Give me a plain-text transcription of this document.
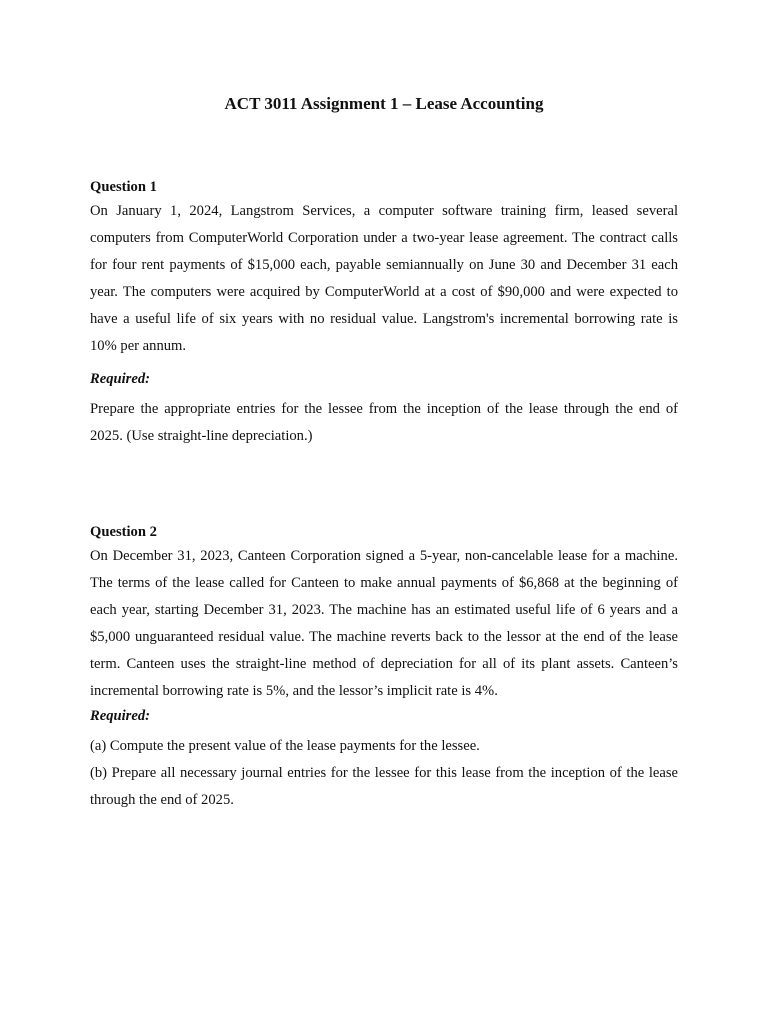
ACT 3011 Assignment 1 – Lease Accounting

Question 1

On January 1, 2024, Langstrom Services, a computer software training firm, leased several computers from ComputerWorld Corporation under a two-year lease agreement. The contract calls for four rent payments of $15,000 each, payable semiannually on June 30 and December 31 each year. The computers were acquired by ComputerWorld at a cost of $90,000 and were expected to have a useful life of six years with no residual value. Langstrom's incremental borrowing rate is 10% per annum.

Required:

Prepare the appropriate entries for the lessee from the inception of the lease through the end of 2025. (Use straight-line depreciation.)

Question 2

On December 31, 2023, Canteen Corporation signed a 5-year, non-cancelable lease for a machine. The terms of the lease called for Canteen to make annual payments of $6,868 at the beginning of each year, starting December 31, 2023. The machine has an estimated useful life of 6 years and a $5,000 unguaranteed residual value. The machine reverts back to the lessor at the end of the lease term. Canteen uses the straight-line method of depreciation for all of its plant assets. Canteen’s incremental borrowing rate is 5%, and the lessor’s implicit rate is 4%.

Required:

(a) Compute the present value of the lease payments for the lessee.

(b) Prepare all necessary journal entries for the lessee for this lease from the inception of the lease through the end of 2025.
